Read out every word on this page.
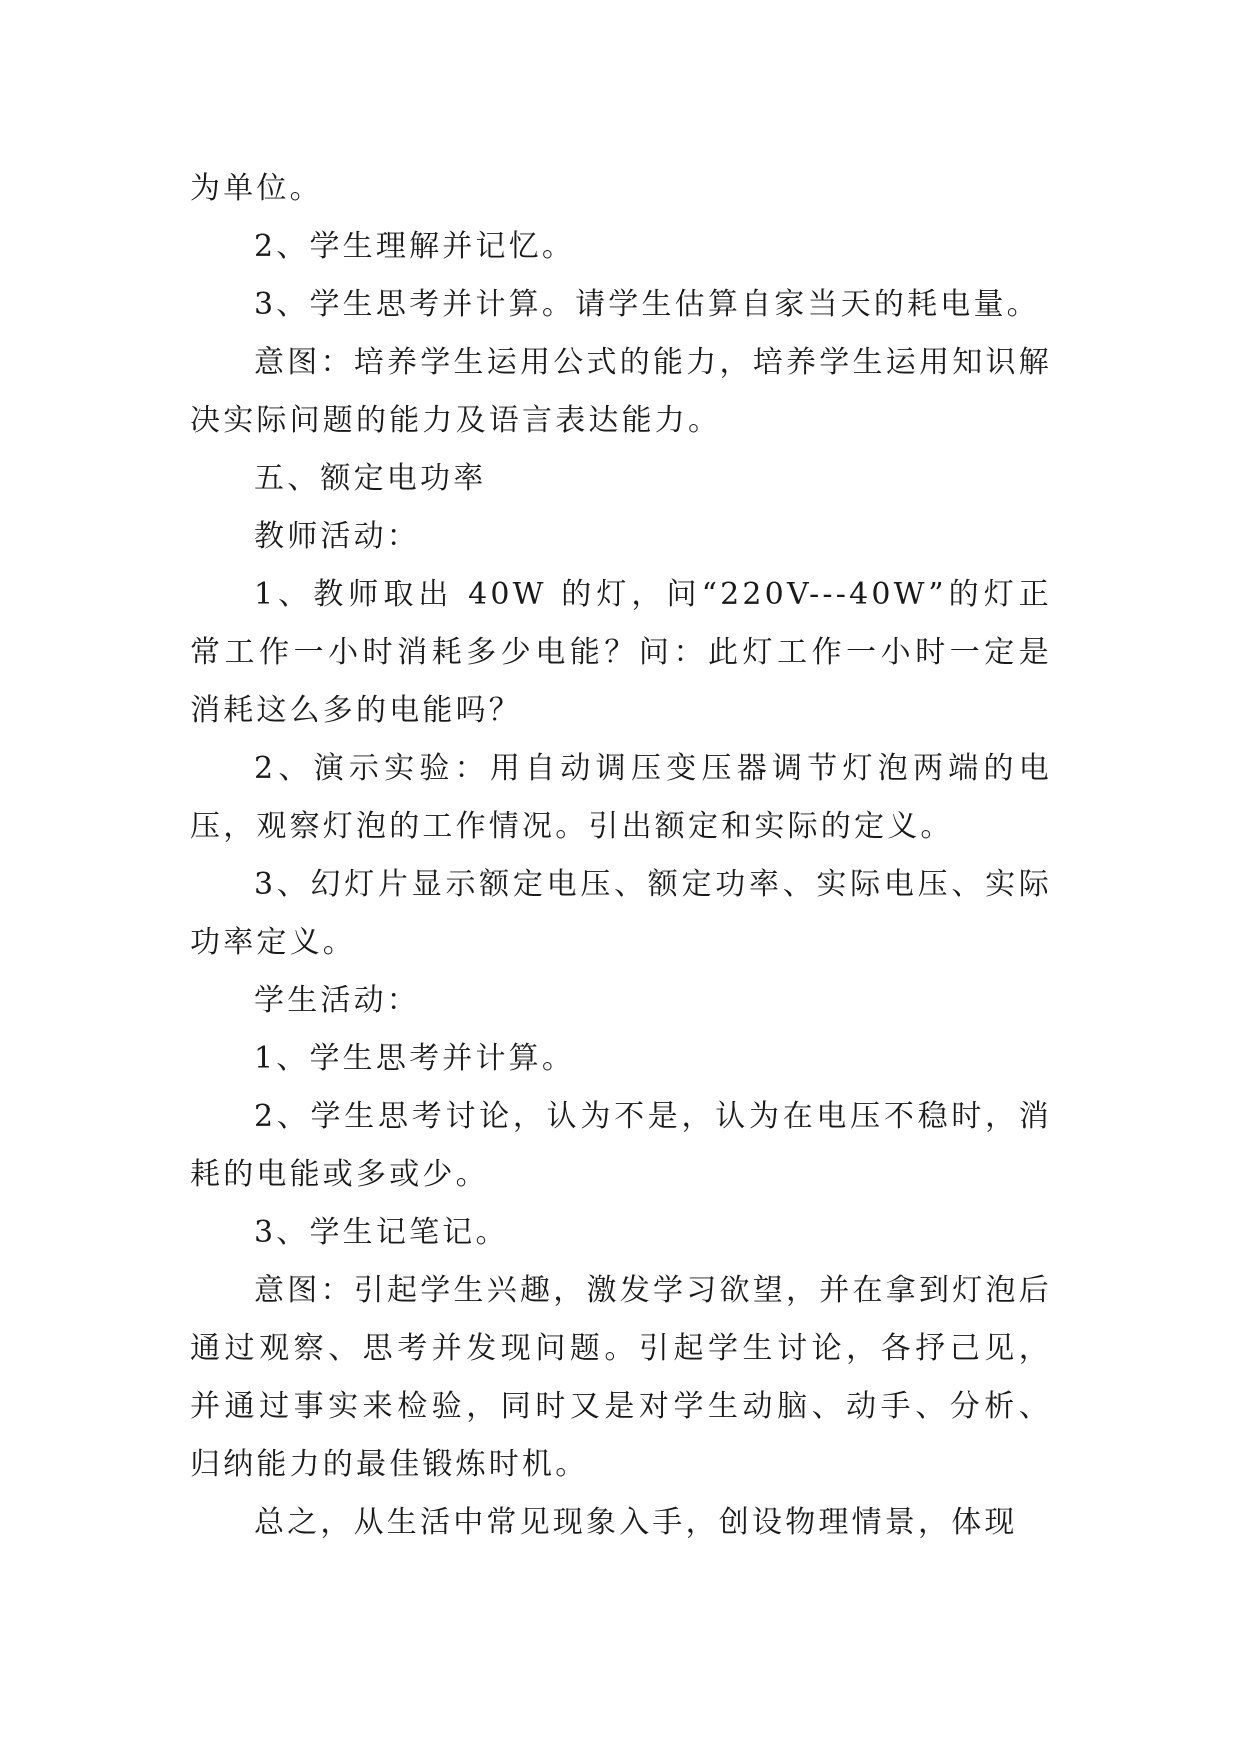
为单位。

2、学生理解并记忆。

3、学生思考并计算。请学生估算自家当天的耗电量。

意图：培养学生运用公式的能力，培养学生运用知识解决实际问题的能力及语言表达能力。

五、额定电功率

教师活动：

1、教师取出 40W 的灯，问“220V---40W”的灯正常工作一小时消耗多少电能？问：此灯工作一小时一定是消耗这么多的电能吗？

2、演示实验：用自动调压变压器调节灯泡两端的电压，观察灯泡的工作情况。引出额定和实际的定义。

3、幻灯片显示额定电压、额定功率、实际电压、实际功率定义。

学生活动：

1、学生思考并计算。

2、学生思考讨论，认为不是，认为在电压不稳时，消耗的电能或多或少。

3、学生记笔记。

意图：引起学生兴趣，激发学习欲望，并在拿到灯泡后通过观察、思考并发现问题。引起学生讨论，各抒己见，并通过事实来检验，同时又是对学生动脑、动手、分析、归纳能力的最佳锻炼时机。

总之，从生活中常见现象入手，创设物理情景，体现
